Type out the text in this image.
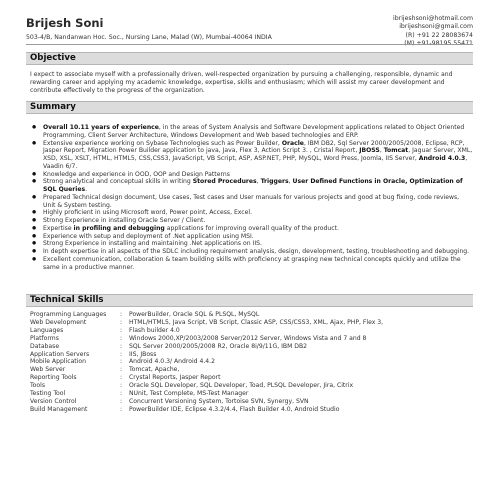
Brijesh Soni
503-4/B, Nandanwan Hoc. Soc., Nursing Lane, Malad (W), Mumbai-40064 INDIA
ibrijeshsoni@hotmail.com
ibrijeshsoni@gmail.com
(R) +91 22 28083674
(M) +91-98195 55471
Objective
I expect to associate myself with a professionally driven, well-respected organization by pursuing a challenging, responsible, dynamic and rewarding career and applying my academic knowledge, expertise, skills and enthusiasm; which will assist my career development and contribute effectively to the progress of the organization.
Summary
● Overall 10.11 years of experience, in the areas of System Analysis and Software Development applications related to Object Oriented Programming, Client Server Architecture, Windows Development and Web based technologies and ERP.
● Extensive experience working on Sybase Technologies such as Power Builder, Oracle, IBM DB2, Sql Server 2000/2005/2008, Eclipse, RCP, Jasper Report, Migration Power Builder application to java, Java, Flex 3, Action Script 3. , Cristal Report, JBOSS, Tomcat, Jaguar Server, XML, XSD, XSL, XSLT, HTML, HTML5, CSS,CSS3, JavaScript, VB Script, ASP, ASP.NET, PHP, MySQL, Word Press, Joomla, IIS Server, Android 4.0.3, Vaadin 6/7.
● Knowledge and experience in OOD, OOP and Design Patterns
● Strong analytical and conceptual skills in writing Stored Procedures, Triggers, User Defined Functions in Oracle, Optimization of SQL Queries.
● Prepared Technical design document, Use cases, Test cases and User manuals for various projects and good at bug fixing, code reviews, Unit & System testing.
● Highly proficient in using Microsoft word, Power point, Access, Excel.
● Strong Experience in installing Oracle Server / Client.
● Expertise in profiling and debugging applications for improving overall quality of the product.
● Experience with setup and deployment of .Net application using MSI.
● Strong Experience in installing and maintaining .Net applications on IIS.
● In depth expertise in all aspects of the SDLC including requirement analysis, design, development, testing, troubleshooting and debugging.
● Excellent communication, collaboration & team building skills with proficiency at grasping new technical concepts quickly and utilize the same in a productive manner.
Technical Skills
Programming Languages	:	PowerBuilder, Oracle SQL & PLSQL, MySQL
Web Development	:	HTML/HTML5, Java Script, VB Script, Classic ASP, CSS/CSS3, XML, Ajax, PHP, Flex 3,
Languages	:	Flash builder 4.0
Platforms	:	Windows 2000,XP/2003/2008 Server/2012 Server, Windows Vista and 7 and 8
Database	:	SQL Server 2000/2005/2008 R2, Oracle 8i/9/11G, IBM DB2
Application Servers	:	IIS, JBoss
Mobile Application	:	Android 4.0.3/ Android 4.4.2
Web Server	:	Tomcat, Apache,
Reporting Tools	:	Crystal Reports, Jasper Report
Tools	:	Oracle SQL Developer, SQL Developer, Toad, PLSQL Developer, Jira, Citrix
Testing Tool	:	NUnit, Test Complete, MS-Test Manager
Version Control	:	Concurrent Versioning System, Tortoise SVN, Synergy, SVN
Build Management	:	PowerBuilder IDE, Eclipse 4.3.2/4.4, Flash Builder 4.0, Android Studio
